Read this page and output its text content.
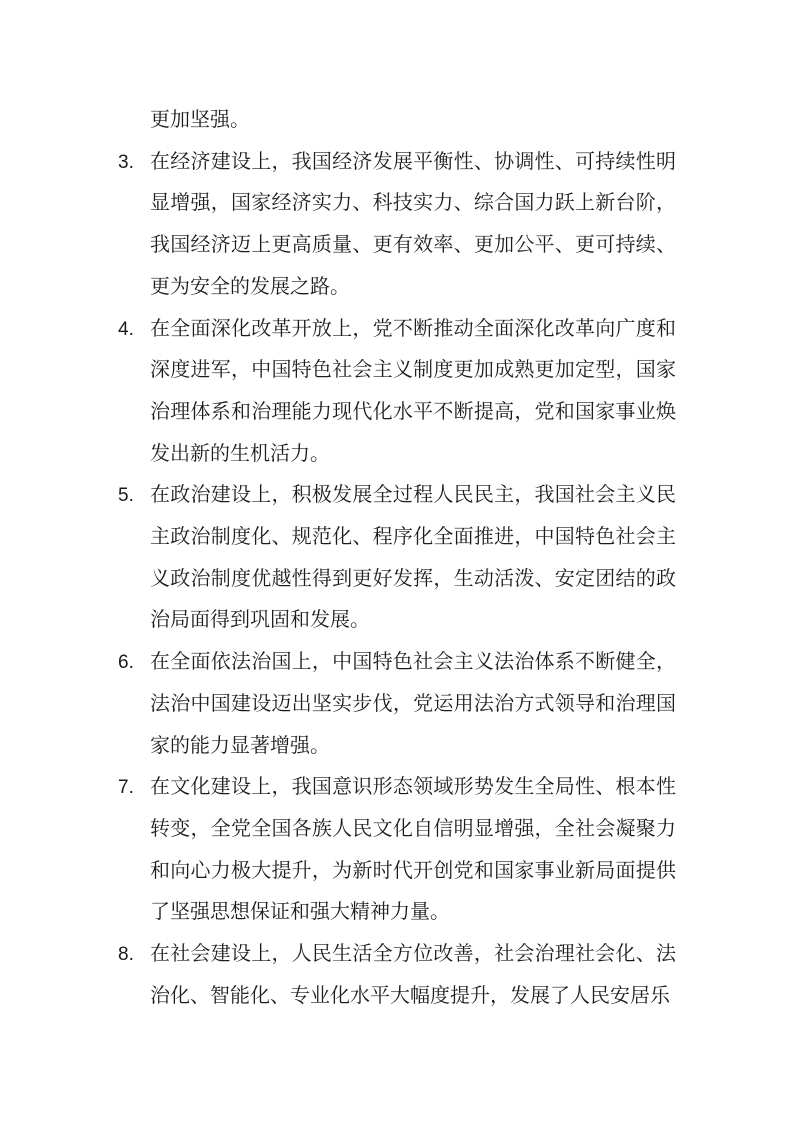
更加坚强。

3. 在经济建设上，我国经济发展平衡性、协调性、可持续性明显增强，国家经济实力、科技实力、综合国力跃上新台阶，我国经济迈上更高质量、更有效率、更加公平、更可持续、更为安全的发展之路。
4. 在全面深化改革开放上，党不断推动全面深化改革向广度和深度进军，中国特色社会主义制度更加成熟更加定型，国家治理体系和治理能力现代化水平不断提高，党和国家事业焕发出新的生机活力。
5. 在政治建设上，积极发展全过程人民民主，我国社会主义民主政治制度化、规范化、程序化全面推进，中国特色社会主义政治制度优越性得到更好发挥，生动活泼、安定团结的政治局面得到巩固和发展。
6. 在全面依法治国上，中国特色社会主义法治体系不断健全，法治中国建设迈出坚实步伐，党运用法治方式领导和治理国家的能力显著增强。
7. 在文化建设上，我国意识形态领域形势发生全局性、根本性转变，全党全国各族人民文化自信明显增强，全社会凝聚力和向心力极大提升，为新时代开创党和国家事业新局面提供了坚强思想保证和强大精神力量。
8. 在社会建设上，人民生活全方位改善，社会治理社会化、法治化、智能化、专业化水平大幅度提升，发展了人民安居乐
